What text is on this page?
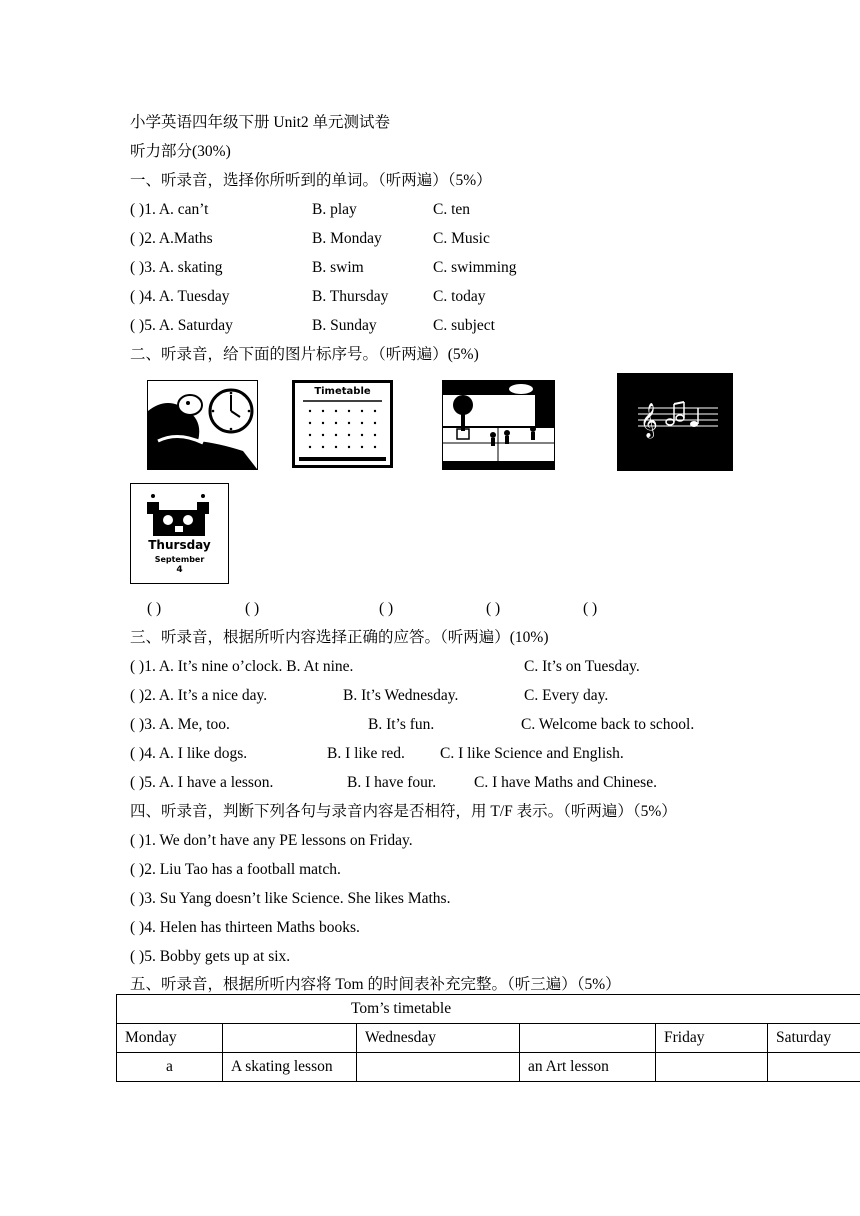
小学英语四年级下册 Unit2 单元测试卷
听力部分(30%)
一、听录音，选择你所听到的单词。（听两遍）（5%）
( )1. A. can’t	B. play	C. ten
( )2. A.Maths	B. Monday	C. Music
( )3. A. skating	B. swim	C. swimming
( )4. A. Tuesday	B. Thursday	C. today
( )5. A. Saturday	B. Sunday	C. subject
二、听录音，给下面的图片标序号。（听两遍）(5%)
Timetable
𝄞
Thursday
September
4
( )	( )	( )	( )	( )
三、听录音，根据所听内容选择正确的应答。（听两遍）(10%)
( )1. A. It’s nine o’clock. B. At nine.	C. It’s on Tuesday.
( )2. A. It’s a nice day.	B. It’s Wednesday.	C. Every day.
( )3. A. Me, too.	B. It’s fun.	C. Welcome back to school.
( )4. A. I like dogs.	B. I like red. C. I like Science and English.
( )5. A. I have a lesson.	B. I have four. C. I have Maths and Chinese.
四、听录音，判断下列各句与录音内容是否相符，用 T/F 表示。（听两遍）（5%）
( )1. We don’t have any PE lessons on Friday.
( )2. Liu Tao has a football match.
( )3. Su Yang doesn’t like Science. She likes Maths.
( )4. Helen has thirteen Maths books.
( )5. Bobby gets up at six.
五、听录音，根据所听内容将 Tom 的时间表补充完整。（听三遍）（5%）
Tom’s timetable					
Monday		Wednesday		Friday	Saturday
a	A skating lesson		an Art lesson		
